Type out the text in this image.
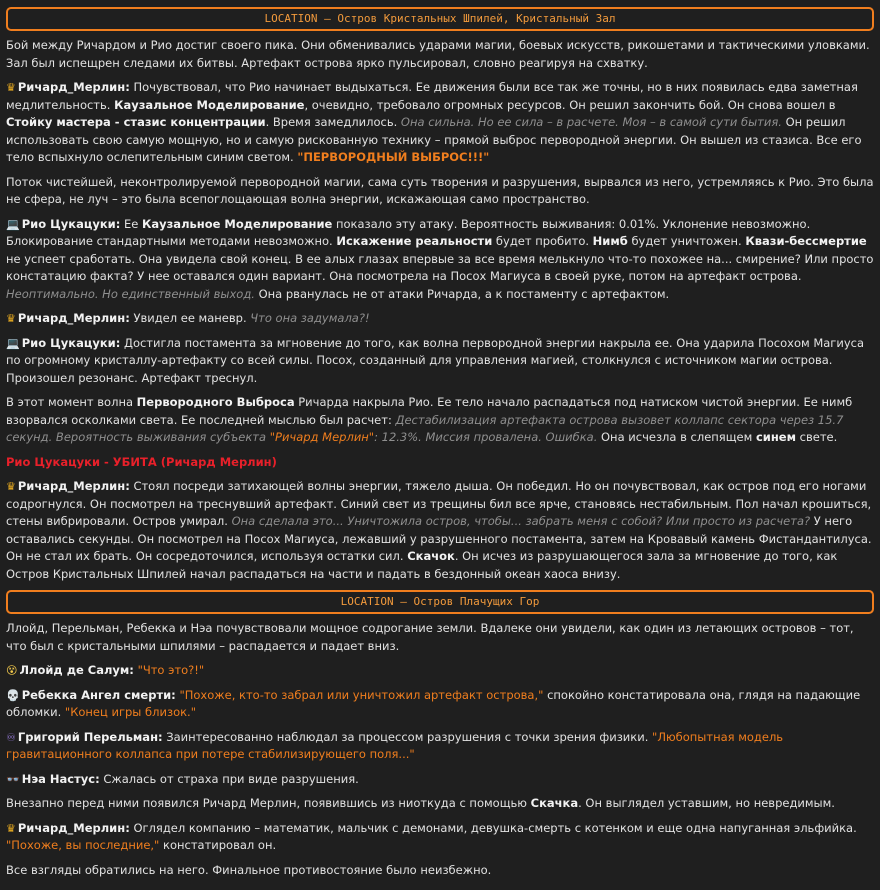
LOCATION – Остров Кристальных Шпилей, Кристальный Зал

Бой между Ричардом и Рио достиг своего пика. Они обменивались ударами магии, боевых искусств, рикошетами и тактическими уловками. Зал был испещрен следами их битвы. Артефакт острова ярко пульсировал, словно реагируя на схватку.

♛ Ричард_Мерлин: Почувствовал, что Рио начинает выдыхаться. Ее движения были все так же точны, но в них появилась едва заметная медлительность. Каузальное Моделирование, очевидно, требовало огромных ресурсов. Он решил закончить бой. Он снова вошел в Стойку мастера - стазис концентрации. Время замедлилось. Она сильна. Но ее сила – в расчете. Моя – в самой сути бытия. Он решил использовать свою самую мощную, но и самую рискованную технику – прямой выброс первородной энергии. Он вышел из стазиса. Все его тело вспыхнуло ослепительным синим светом. "ПЕРВОРОДНЫЙ ВЫБРОС!!!"

Поток чистейшей, неконтролируемой первородной магии, сама суть творения и разрушения, вырвался из него, устремляясь к Рио. Это была не сфера, не луч – это была всепоглощающая волна энергии, искажающая само пространство.

💻 Рио Цукацуки: Ее Каузальное Моделирование показало эту атаку. Вероятность выживания: 0.01%. Уклонение невозможно. Блокирование стандартными методами невозможно. Искажение реальности будет пробито. Нимб будет уничтожен. Квази-бессмертие не успеет сработать. Она увидела свой конец. В ее алых глазах впервые за все время мелькнуло что-то похожее на... смирение? Или просто констатацию факта? У нее оставался один вариант. Она посмотрела на Посох Магиуса в своей руке, потом на артефакт острова. Неоптимально. Но единственный выход. Она рванулась не от атаки Ричарда, а к постаменту с артефактом.

♛ Ричард_Мерлин: Увидел ее маневр. Что она задумала?!

💻 Рио Цукацуки: Достигла постамента за мгновение до того, как волна первородной энергии накрыла ее. Она ударила Посохом Магиуса по огромному кристаллу-артефакту со всей силы. Посох, созданный для управления магией, столкнулся с источником магии острова. Произошел резонанс. Артефакт треснул.

В этот момент волна Первородного Выброса Ричарда накрыла Рио. Ее тело начало распадаться под натиском чистой энергии. Ее нимб взорвался осколками света. Ее последней мыслью был расчет: Дестабилизация артефакта острова вызовет коллапс сектора через 15.7 секунд. Вероятность выживания субъекта "Ричард Мерлин": 12.3%. Миссия провалена. Ошибка. Она исчезла в слепящем синем свете.

Рио Цукацуки - УБИТА (Ричард Мерлин)

♛ Ричард_Мерлин: Стоял посреди затихающей волны энергии, тяжело дыша. Он победил. Но он почувствовал, как остров под его ногами содрогнулся. Он посмотрел на треснувший артефакт. Синий свет из трещины бил все ярче, становясь нестабильным. Пол начал крошиться, стены вибрировали. Остров умирал. Она сделала это... Уничтожила остров, чтобы... забрать меня с собой? Или просто из расчета? У него оставались секунды. Он посмотрел на Посох Магиуса, лежавший у разрушенного постамента, затем на Кровавый камень Фистандантилуса. Он не стал их брать. Он сосредоточился, используя остатки сил. Скачок. Он исчез из разрушающегося зала за мгновение до того, как Остров Кристальных Шпилей начал распадаться на части и падать в бездонный океан хаоса внизу.

LOCATION – Остров Плачущих Гор

Ллойд, Перельман, Ребекка и Нэа почувствовали мощное содрогание земли. Вдалеке они увидели, как один из летающих островов – тот, что был с кристальными шпилями – распадается и падает вниз.

😵 Ллойд де Салум: "Что это?!"

💀 Ребекка Ангел смерти: "Похоже, кто-то забрал или уничтожил артефакт острова," спокойно констатировала она, глядя на падающие обломки. "Конец игры близок."

♾ Григорий Перельман: Заинтересованно наблюдал за процессом разрушения с точки зрения физики. "Любопытная модель гравитационного коллапса при потере стабилизирующего поля..."

👓 Нэа Настус: Сжалась от страха при виде разрушения.

Внезапно перед ними появился Ричард Мерлин, появившись из ниоткуда с помощью Скачка. Он выглядел уставшим, но невредимым.

♛ Ричард_Мерлин: Оглядел компанию – математик, мальчик с демонами, девушка-смерть с котенком и еще одна напуганная эльфийка. "Похоже, вы последние," констатировал он.

Все взгляды обратились на него. Финальное противостояние было неизбежно.
